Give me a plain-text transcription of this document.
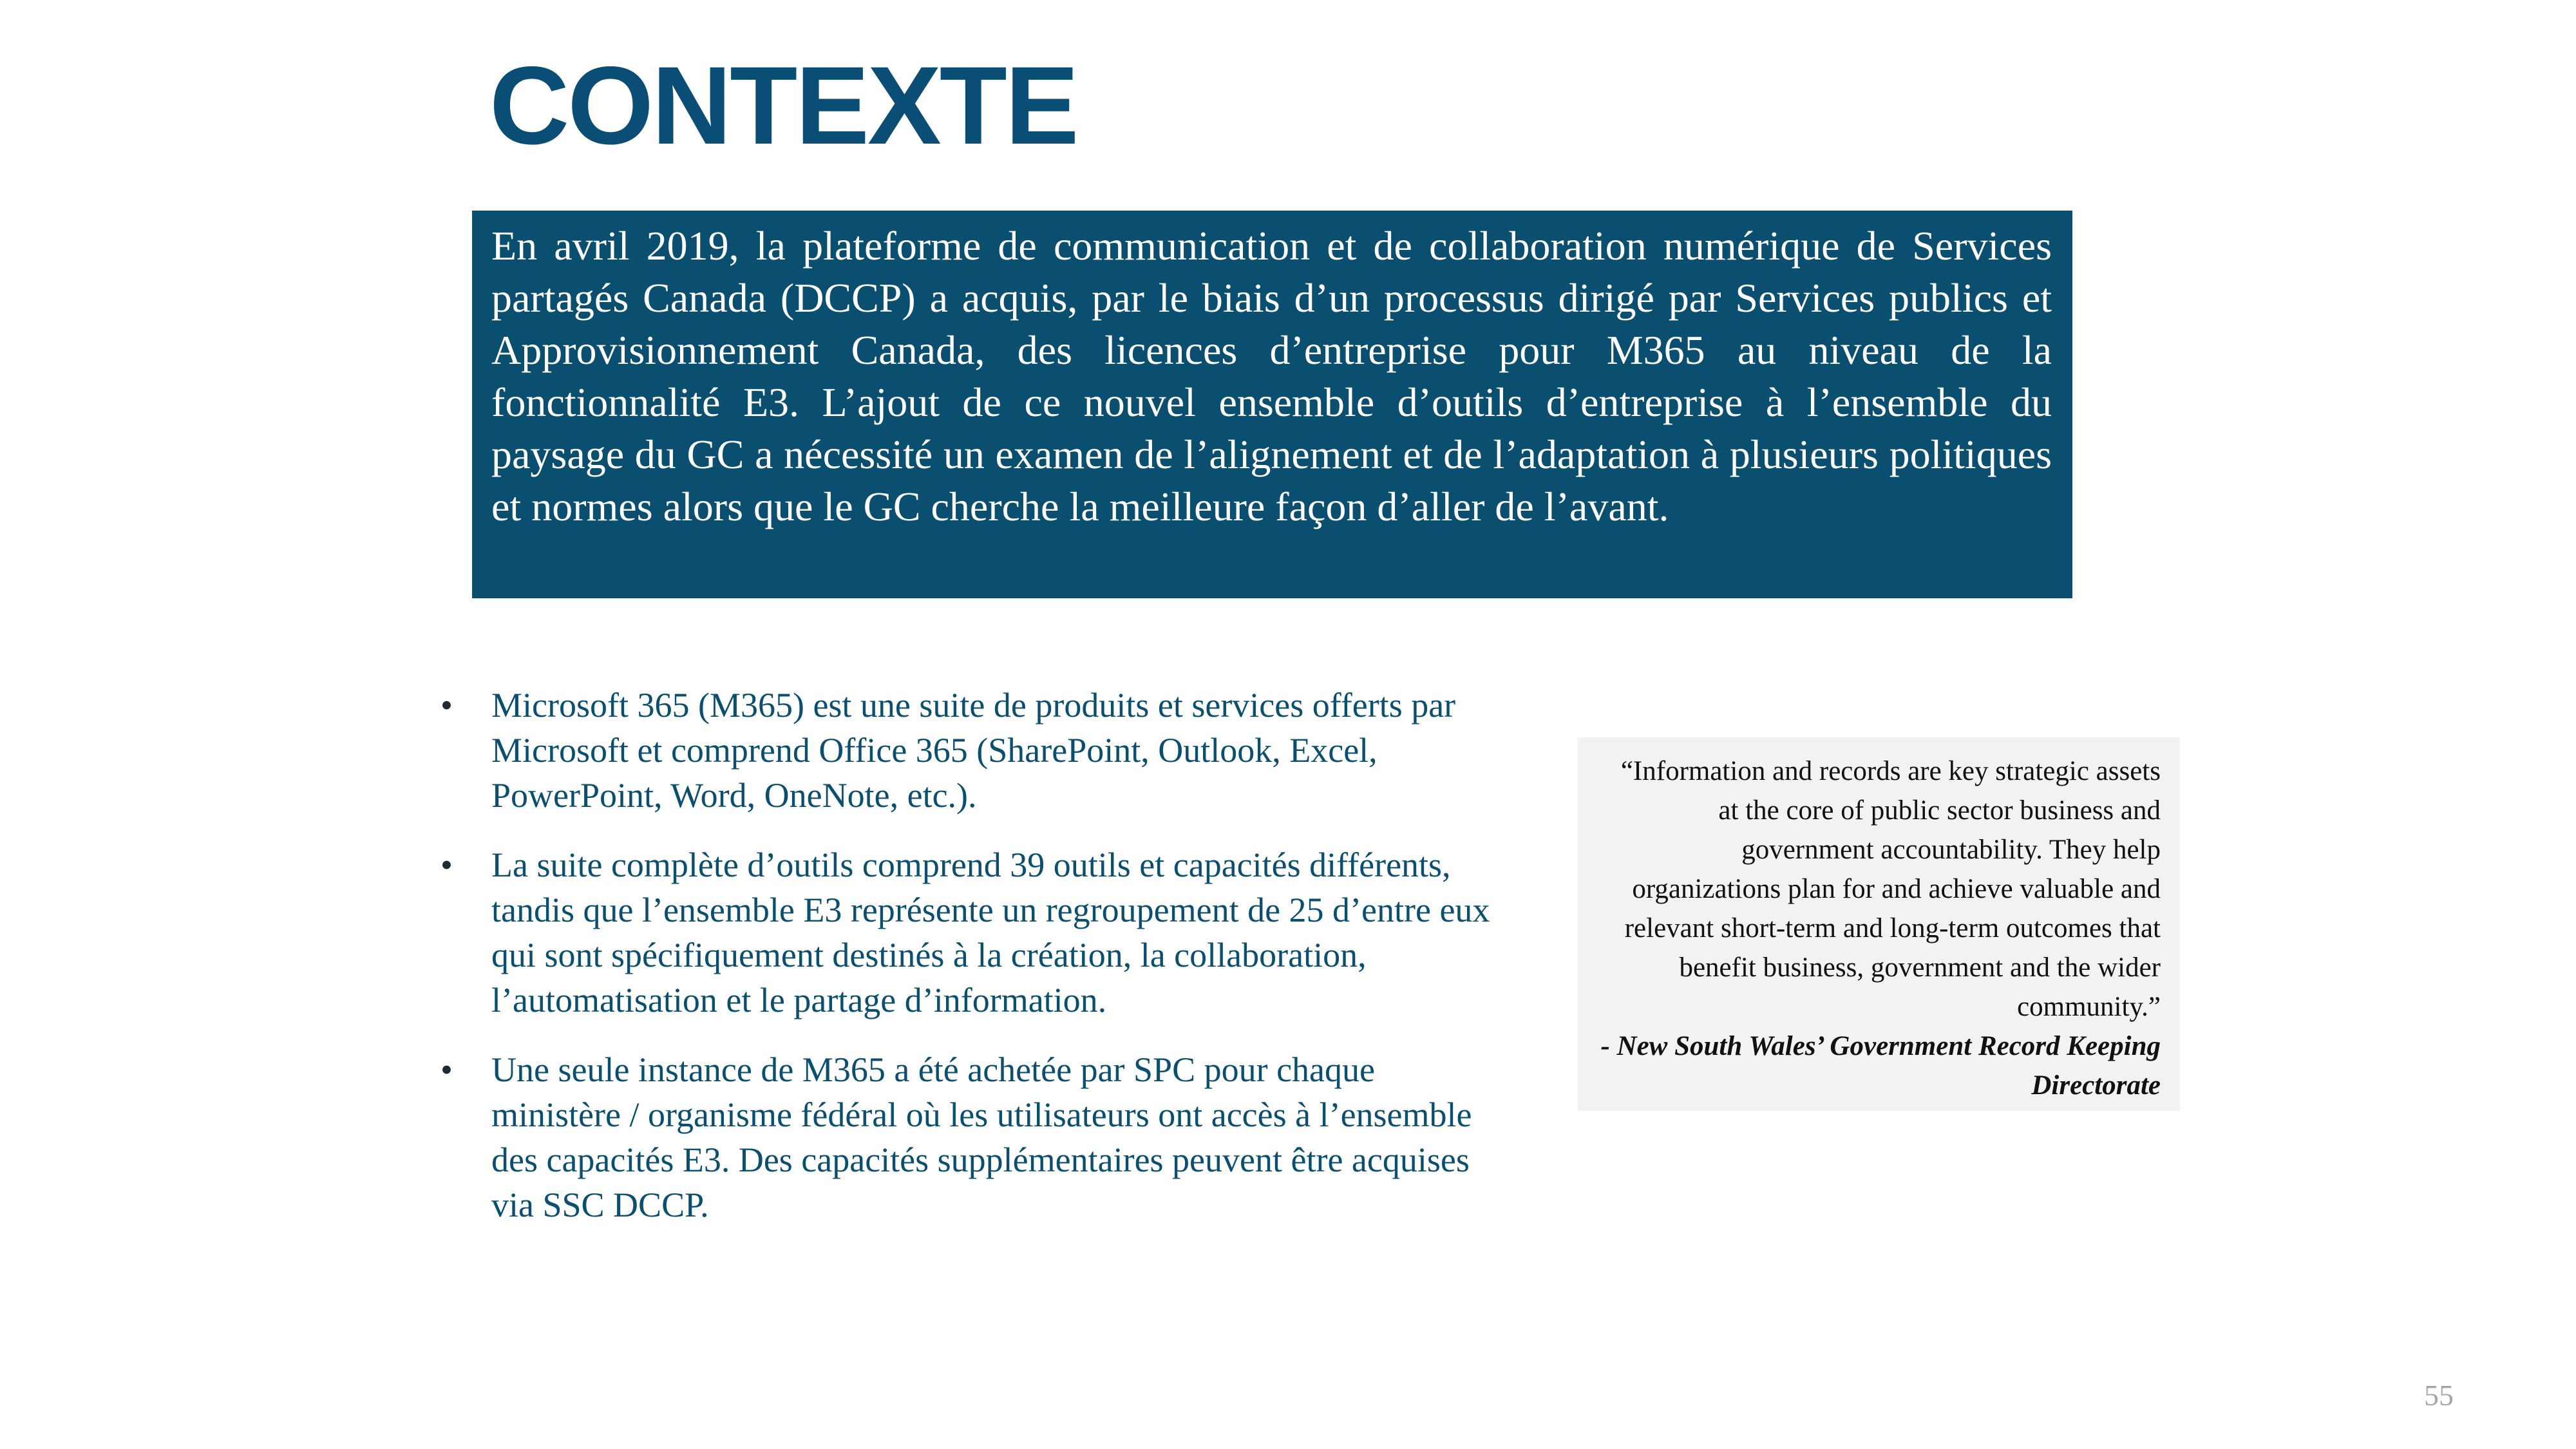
CONTEXTE

En avril 2019, la plateforme de communication et de collaboration numérique de Services partagés Canada (DCCP) a acquis, par le biais d’un processus dirigé par Services publics et Approvisionnement Canada, des licences d’entreprise pour M365 au niveau de la fonctionnalité E3. L’ajout de ce nouvel ensemble d’outils d’entreprise à l’ensemble du paysage du GC a nécessité un examen de l’alignement et de l’adaptation à plusieurs politiques et normes alors que le GC cherche la meilleure façon d’aller de l’avant.

• Microsoft 365 (M365) est une suite de produits et services offerts par Microsoft et comprend Office 365 (SharePoint, Outlook, Excel, PowerPoint, Word, OneNote, etc.).
• La suite complète d’outils comprend 39 outils et capacités différents, tandis que l’ensemble E3 représente un regroupement de 25 d’entre eux qui sont spécifiquement destinés à la création, la collaboration, l’automatisation et le partage d’information.
• Une seule instance de M365 a été achetée par SPC pour chaque ministère / organisme fédéral où les utilisateurs ont accès à l’ensemble des capacités E3. Des capacités supplémentaires peuvent être acquises via SSC DCCP.

“Information and records are key strategic assets at the core of public sector business and government accountability. They help organizations plan for and achieve valuable and relevant short-term and long-term outcomes that benefit business, government and the wider community.”

- New South Wales’ Government Record Keeping Directorate

55
